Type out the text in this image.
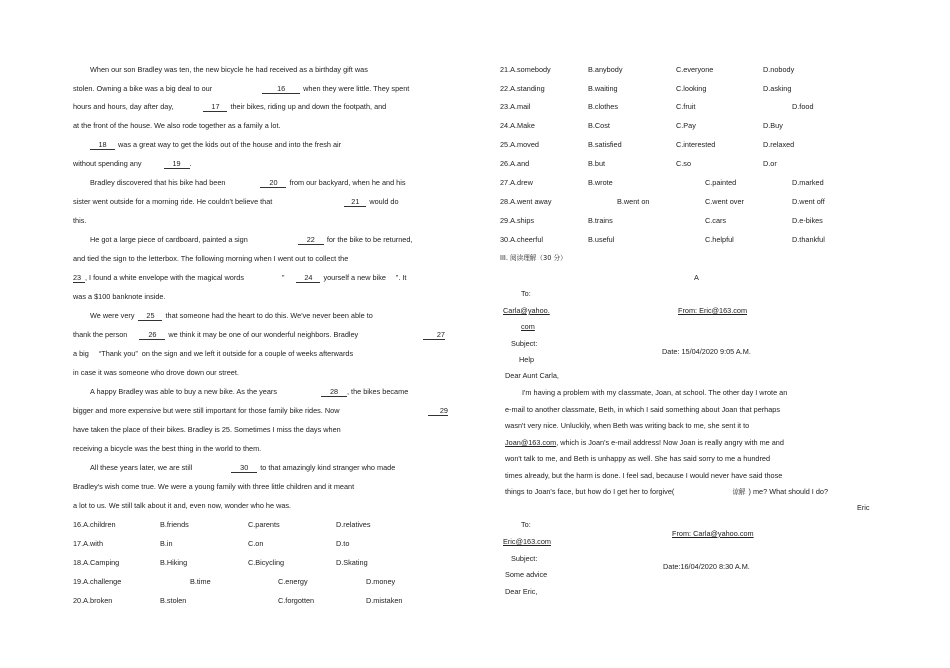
When our son Bradley was ten, the new bicycle he had received as a birthday gift was
stolen. Owning a bike was a big deal to our	16 when they were little. They spent
hours and hours, day after day,	17 their bikes, riding up and down the footpath, and
at the front of the house. We also rode together as a family a lot.
18 was a great way to get the kids out of the house and into the fresh air
without spending any	19 .
Bradley discovered that his bike had been	20 from our backyard, when he and his
sister went outside for a morning ride. He couldn't believe that	21 would do
this.
He got a large piece of cardboard, painted a sign	22 for the bike to be returned,
and tied the sign to the letterbox. The following morning when I went out to collect the
23 , I found a white envelope with the magical words	”	24 yourself a new bike ”. It
was a $100 banknote inside.
We were very 25 that someone had the heart to do this. We've never been able to
thank the person	26 we think it may be one of our wonderful neighbors. Bradley	27
a big “Thank you” on the sign and we left it outside for a couple of weeks afterwards
in case it was someone who drove down our street.
A happy Bradley was able to buy a new bike. As the years	28 , the bikes became
bigger and more expensive but were still important for those family bike rides. Now	29
have taken the place of their bikes. Bradley is 25. Sometimes I miss the days when
receiving a bicycle was the best thing in the world to them.
All these years later, we are still	30 to that amazingly kind stranger who made
Bradley's wish come true. We were a young family with three little children and it meant
a lot to us. We still talk about it and, even now, wonder who he was.
16.A.children	B.friends	C.parents	D.relatives
17.A.with	B.in	C.on	D.to
18.A.Camping	B.Hiking	C.Bicycling	D.Skating
19.A.challenge	B.time	C.energy	D.money
20.A.broken	B.stolen	C.forgotten	D.mistaken
21.A.somebody	B.anybody	C.everyone	D.nobody
22.A.standing	B.waiting	C.looking	D.asking
23.A.mail	B.clothes	C.fruit	D.food
24.A.Make	B.Cost	C.Pay	D.Buy
25.A.moved	B.satisfied	C.interested	D.relaxed
26.A.and	B.but	C.so	D.or
27.A.drew	B.wrote	C.painted	D.marked
28.A.went away	B.went on	C.went over	D.went off
29.A.ships	B.trains	C.cars	D.e-bikes
30.A.cheerful	B.useful	C.helpful	D.thankful
III. 阅读理解（30 分）
A
To:
Carla@yahoo.
com
From: Eric@163.com
Subject:
Help
Date: 15/04/2020 9:05 A.M.
Dear Aunt Carla,
I'm having a problem with my classmate, Joan, at school. The other day I wrote an
e-mail to another classmate, Beth, in which I said something about Joan that perhaps
wasn't very nice. Unluckily, when Beth was writing back to me, she sent it to
Joan@163.com, which is Joan's e-mail address! Now Joan is really angry with me and
won't talk to me, and Beth is unhappy as well. She has said sorry to me a hundred
times already, but the harm is done. I feel sad, because I would never have said those
things to Joan's face, but how do I get her to forgive(	谅解 ) me? What should I do?
Eric
To:
Eric@163.com
From: Carla@yahoo.com
Subject:
Date:16/04/2020 8:30 A.M.
Some advice
Dear Eric,
